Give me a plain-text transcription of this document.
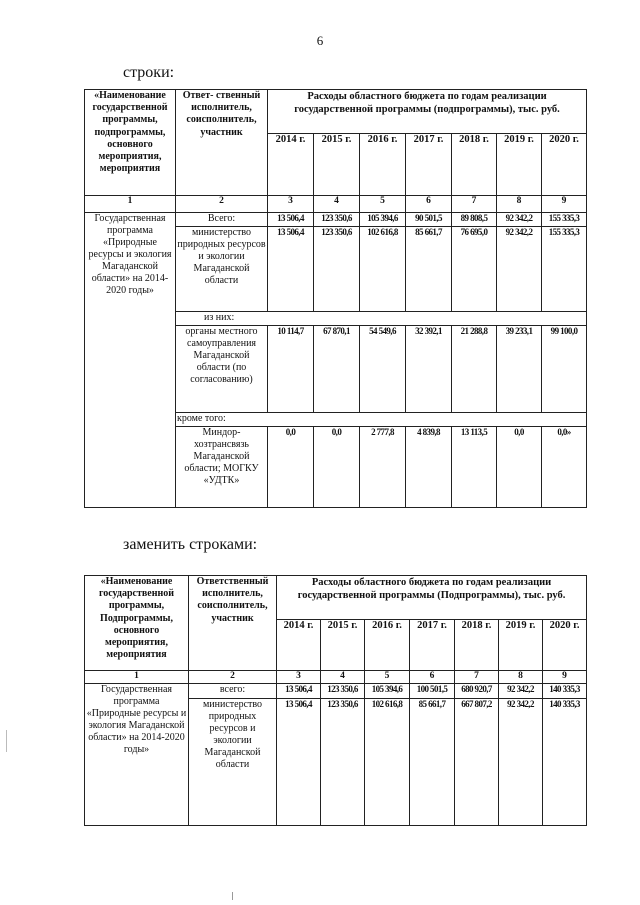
6
строки:
«Наименование государственной программы, подпрограммы, основного мероприятия, мероприятия	Ответ- ственный исполнитель, соисполнитель, участник	Расходы областного бюджета по годам реализации государственной программы (подпрограммы), тыс. руб.						
		2014 г.	2015 г.	2016 г.	2017 г.	2018 г.	2019 г.	2020 г.
1	2	3	4	5	6	7	8	9
Государственная программа «Природные ресурсы и экология Магаданской области» на 2014-2020 годы»	Всего:	13 506,4	123 350,6	105 394,6	90 501,5	89 808,5	92 342,2	155 335,3
	министерство природных ресурсов и экологии Магаданской области	13 506,4	123 350,6	102 616,8	85 661,7	76 695,0	92 342,2	155 335,3
	из них:							
	органы местного самоуправления Магаданской области (по согласованию)	10 114,7	67 870,1	54 549,6	32 392,1	21 288,8	39 233,1	99 100,0
	кроме того:							
	Миндор-хозтрансвязь Магаданской области; МОГКУ «УДТК»	0,0	0,0	2 777,8	4 839,8	13 113,5	0,0	0,0»
заменить строками:
«Наименование государственной программы, Подпрограммы, основного мероприятия, мероприятия	Ответственный исполнитель, соисполнитель, участник	Расходы областного бюджета по годам реализации государственной программы (Подпрограммы), тыс. руб.						
		2014 г.	2015 г.	2016 г.	2017 г.	2018 г.	2019 г.	2020 г.
1	2	3	4	5	6	7	8	9
Государственная программа «Природные ресурсы и экология Магаданской области» на 2014-2020 годы»	всего:	13 506,4	123 350,6	105 394,6	100 501,5	680 920,7	92 342,2	140 335,3
	министерство природных ресурсов и экологии Магаданской области	13 506,4	123 350,6	102 616,8	85 661,7	667 807,2	92 342,2	140 335,3
